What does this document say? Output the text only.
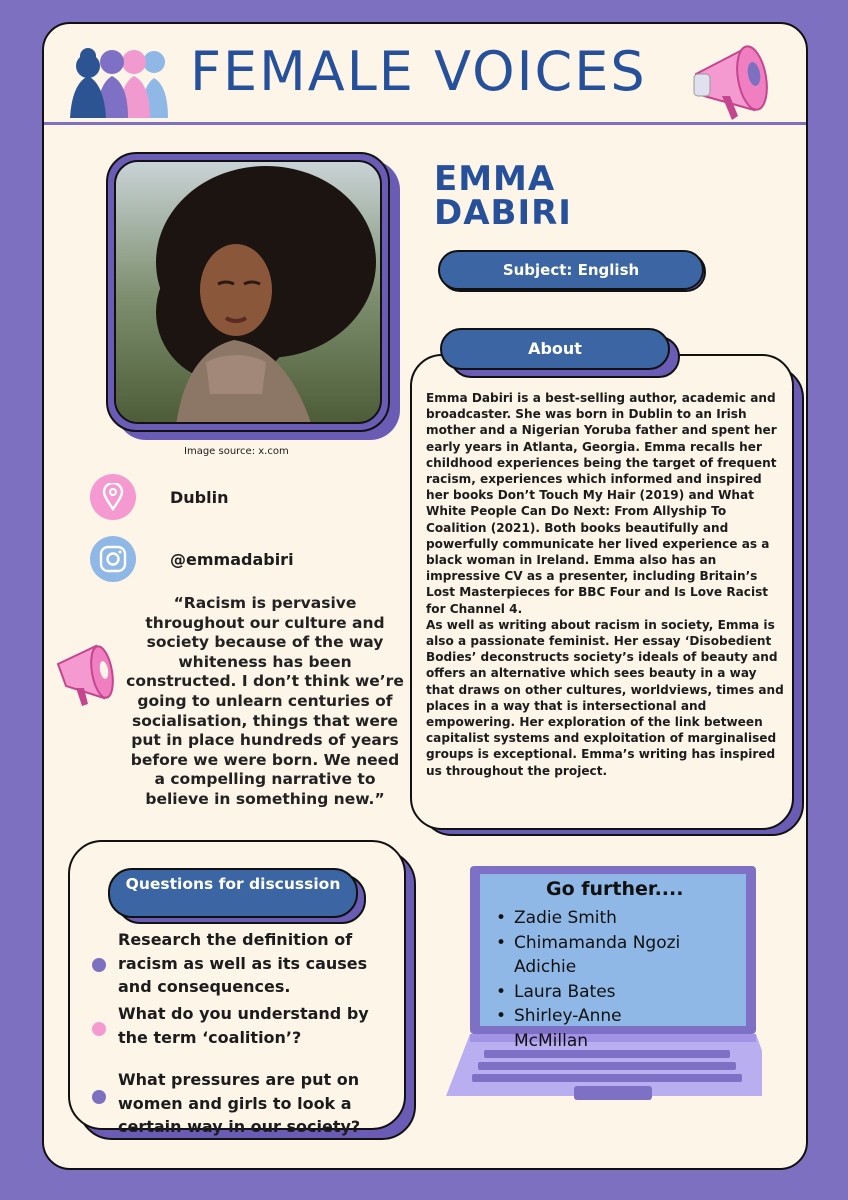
FEMALE VOICES
Image source: x.com
EMMA DABIRI
Subject: English
Dublin
@emmadabiri
“Racism is pervasive throughout our culture and society because of the way whiteness has been constructed. I don’t think we’re going to unlearn centuries of socialisation, things that were put in place hundreds of years before we were born. We need a compelling narrative to believe in something new.”
About

Emma Dabiri is a best-selling author, academic and broadcaster. She was born in Dublin to an Irish mother and a Nigerian Yoruba father and spent her early years in Atlanta, Georgia. Emma recalls her childhood experiences being the target of frequent racism, experiences which informed and inspired her books Don’t Touch My Hair (2019) and What White People Can Do Next: From Allyship To Coalition (2021). Both books beautifully and powerfully communicate her lived experience as a black woman in Ireland. Emma also has an impressive CV as a presenter, including Britain’s Lost Masterpieces for BBC Four and Is Love Racist for Channel 4.

As well as writing about racism in society, Emma is also a passionate feminist. Her essay ‘Disobedient Bodies’ deconstructs society’s ideals of beauty and offers an alternative which sees beauty in a way that draws on other cultures, worldviews, times and places in a way that is intersectional and empowering. Her exploration of the link between capitalist systems and exploitation of marginalised groups is exceptional. Emma’s writing has inspired us throughout the project.

Questions for discussion
Research the definition of racism as well as its causes and consequences.
What do you understand by the term ‘coalition’?
What pressures are put on women and girls to look a certain way in our society?
Go further....
• Zadie Smith
• Chimamanda Ngozi Adichie
• Laura Bates
• Shirley-Anne McMillan
